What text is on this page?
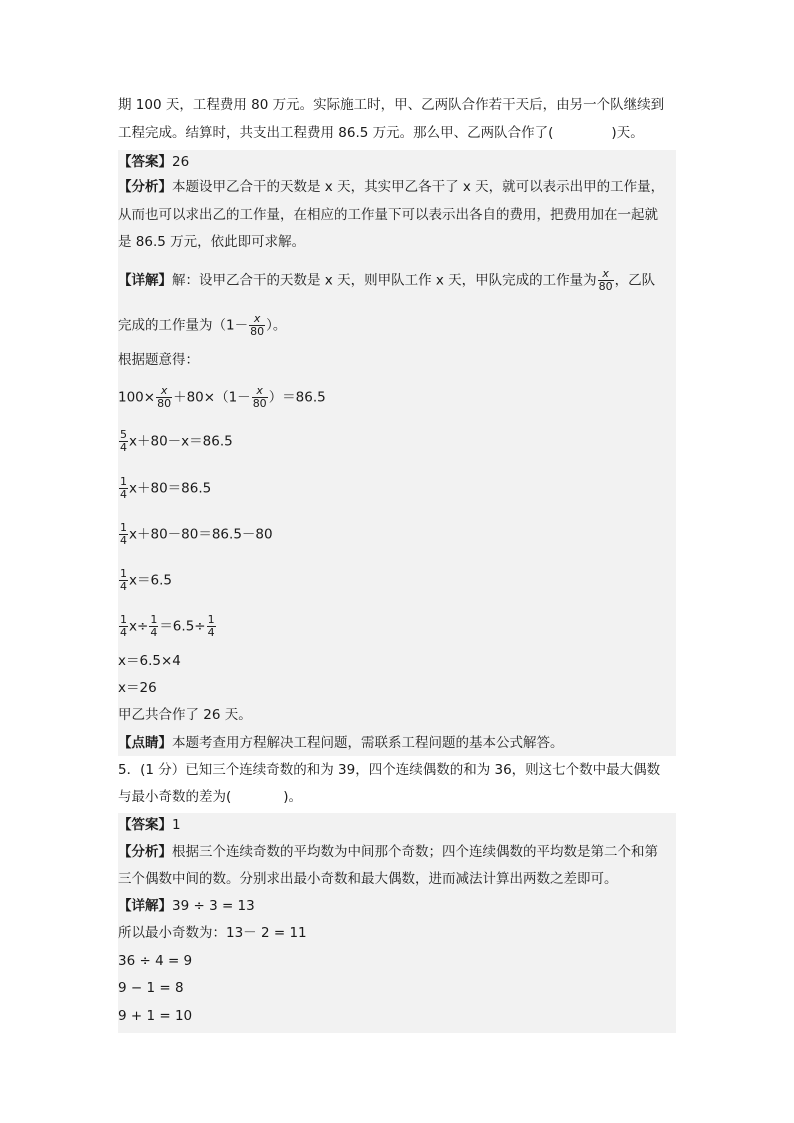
期 100 天，工程费用 80 万元。实际施工时，甲、乙两队合作若干天后，由另一个队继续到
工程完成。结算时，共支出工程费用 86.5 万元。那么甲、乙两队合作了(	)天。
【答案】26
【分析】本题设甲乙合干的天数是 x 天，其实甲乙各干了 x 天，就可以表示出甲的工作量，
从而也可以求出乙的工作量，在相应的工作量下可以表示出各自的费用，把费用加在一起就
是 86.5 万元，依此即可求解。
【详解】解：设甲乙合干的天数是 x 天，则甲队工作 x 天，甲队完成的工作量为 $\frac{x}{80}$ ，乙队
完成的工作量为（$1- \frac{x}{80}$ ）。
根据题意得：
$100\times \frac{x}{80} +80\times(1- \frac{x}{80} )=86.5$
$\frac{5}{4} x+80-x=86.5$
$\frac{1}{4} x+80=86.5$
$\frac{1}{4} x+80-80=86.5-80$
$\frac{1}{4} x=6.5$
$\frac{1}{4} x\div \frac{1}{4} =6.5\div \frac{1}{4}$
x＝6.5×4
x＝26
甲乙共合作了 26 天。
【点睛】本题考查用方程解决工程问题，需联系工程问题的基本公式解答。
5．(1 分）已知三个连续奇数的和为 39，四个连续偶数的和为 36，则这七个数中最大偶数
与最小奇数的差为(	)。
【答案】1
【分析】根据三个连续奇数的平均数为中间那个奇数；四个连续偶数的平均数是第二个和第
三个偶数中间的数。分别求出最小奇数和最大偶数，进而减法计算出两数之差即可。
【详解】39 ÷ 3 = 13
所以最小奇数为：13－ 2 = 11
36 ÷ 4 = 9
9 − 1 = 8
9 + 1 = 10
